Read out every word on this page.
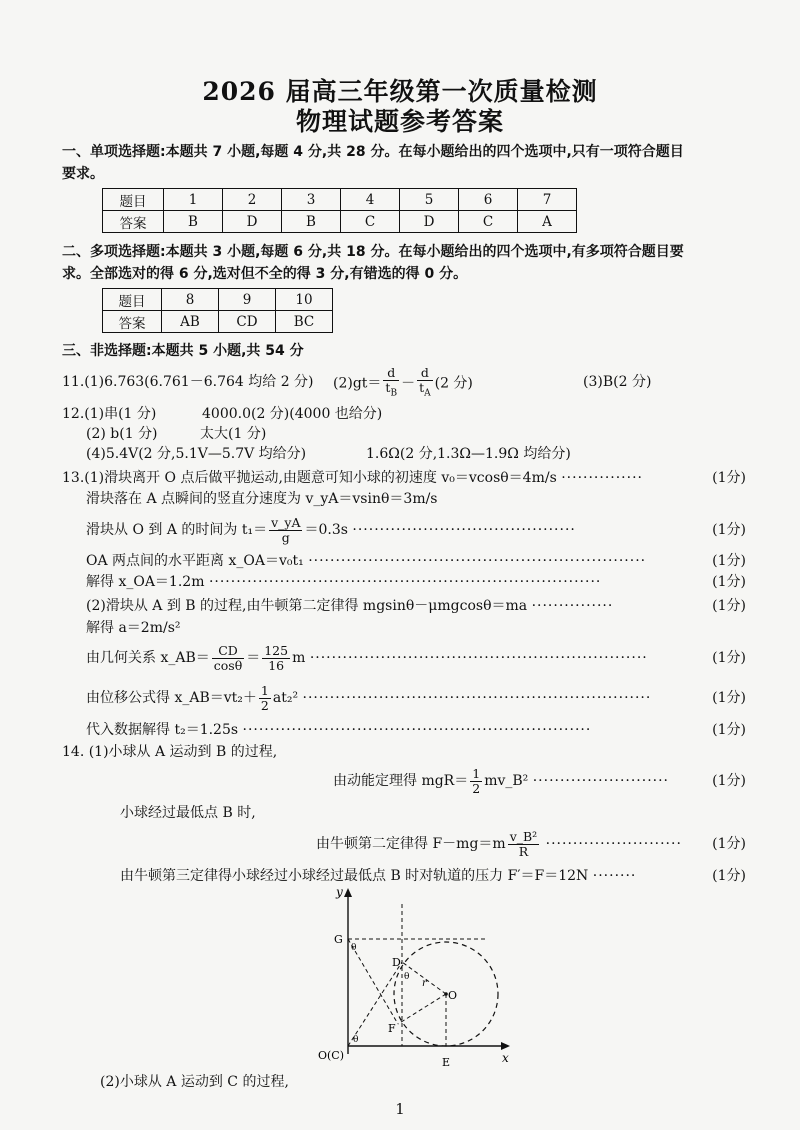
2026 届高三年级第一次质量检测
物理试题参考答案
一、单项选择题:本题共 7 小题,每题 4 分,共 28 分。在每小题给出的四个选项中,只有一项符合题目
要求。
题目	1	2	3	4	5	6	7
答案	B	D	B	C	D	C	A
二、多项选择题:本题共 3 小题,每题 6 分,共 18 分。在每小题给出的四个选项中,有多项符合题目要
求。全部选对的得 6 分,选对但不全的得 3 分,有错选的得 0 分。
题目	8	9	10
答案	AB	CD	BC
三、非选择题:本题共 5 小题,共 54 分
11.(1)6.763(6.761－6.764 均给 2 分) $(2)gt= \frac{d}{t_B} - \frac{d}{t_A} (2$ 分)	(3)B(2 分)
12.(1)串(1 分)	4000.0(2 分)(4000 也给分)
(2) b(1 分)	太大(1 分)
(4)5.4V(2 分,5.1V—5.7V 均给分)	1.6Ω(2 分,1.3Ω—1.9Ω 均给分)
13.(1)滑块离开 O 点后做平抛运动,由题意可知小球的初速度 v₀＝vcosθ＝4m/s ···············	(1分)
滑块落在 A 点瞬间的竖直分速度为 v_yA＝vsinθ＝3m/s
滑块从 O 到 A 的时间为 $t_1= \frac{v\_yA}{g} =0.3s$ ·········································	(1分)
OA 两点间的水平距离 x_OA＝v₀t₁ ······························································	(1分)
解得 x_OA＝1.2m ········································································	(1分)
(2)滑块从 A 到 B 的过程,由牛顿第二定律得 mgsinθ－μmgcosθ＝ma ···············	(1分)
解得 a＝2m/s²
由几何关系 x_AB＝ $\frac{CD}{\cos\theta} = \frac{125}{16}$ m ······························································	(1分)
由位移公式得 x_AB＝vt₂＋ $\frac{1}{2} at_2^2$ ································································	(1分)
代入数据解得 t₂＝1.25s ································································	(1分)
14. (1)小球从 A 运动到 B 的过程,
由动能定理得 $mgR= \frac{1}{2}$ mv_B² ·························	(1分)
小球经过最低点 B 时,
由牛顿第二定律得 $F-mg=m \frac{\text{v\_B²}}{R}$ ························· (1分)
由牛顿第三定律得小球经过小球经过最低点 B 时对轨道的压力 F′＝F＝12N ········	(1分)
y
x
G
D
O
F
E
O(C)
r
θ
θ
θ
(2)小球从 A 运动到 C 的过程,
1
